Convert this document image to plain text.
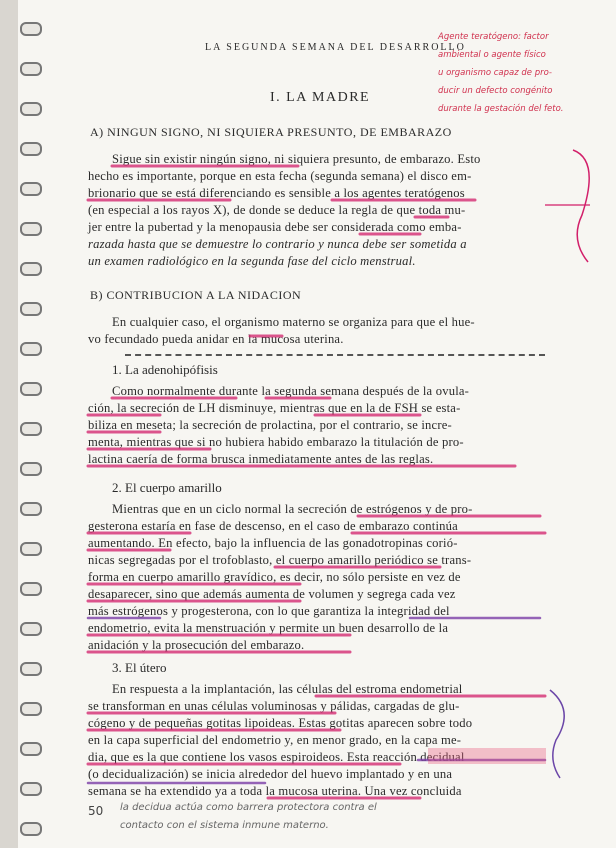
LA SEGUNDA SEMANA DEL DESARROLLO
I. LA MADRE
A) NINGUN SIGNO, NI SIQUIERA PRESUNTO, DE EMBARAZO
Sigue sin existir ningún signo, ni siquiera presunto, de embarazo. Esto
hecho es importante, porque en esta fecha (segunda semana) el disco em-
brionario que se está diferenciando es sensible a los agentes teratógenos
(en especial a los rayos X), de donde se deduce la regla de que toda mu-
jer entre la pubertad y la menopausia debe ser considerada como emba-
razada hasta que se demuestre lo contrario y nunca debe ser sometida a
un examen radiológico en la segunda fase del ciclo menstrual.
B) CONTRIBUCION A LA NIDACION
En cualquier caso, el organismo materno se organiza para que el hue-
vo fecundado pueda anidar en la mucosa uterina.
1. La adenohipófisis
Como normalmente durante la segunda semana después de la ovula-
ción, la secreción de LH disminuye, mientras que en la de FSH se esta-
biliza en meseta; la secreción de prolactina, por el contrario, se incre-
menta, mientras que si no hubiera habido embarazo la titulación de pro-
lactina caería de forma brusca inmediatamente antes de las reglas.
2. El cuerpo amarillo
Mientras que en un ciclo normal la secreción de estrógenos y de pro-
gesterona estaría en fase de descenso, en el caso de embarazo continúa
aumentando. En efecto, bajo la influencia de las gonadotropinas corió-
nicas segregadas por el trofoblasto, el cuerpo amarillo periódico se trans-
forma en cuerpo amarillo gravídico, es decir, no sólo persiste en vez de
desaparecer, sino que además aumenta de volumen y segrega cada vez
más estrógenos y progesterona, con lo que garantiza la integridad del
endometrio, evita la menstruación y permite un buen desarrollo de la
anidación y la prosecución del embarazo.
3. El útero
En respuesta a la implantación, las células del estroma endometrial
se transforman en unas células voluminosas y pálidas, cargadas de glu-
cógeno y de pequeñas gotitas lipoideas. Estas gotitas aparecen sobre todo
en la capa superficial del endometrio y, en menor grado, en la capa me-
dia, que es la que contiene los vasos espiroideos. Esta reacción decidual
(o decidualización) se inicia alrededor del huevo implantado y en una
semana se ha extendido ya a toda la mucosa uterina. Una vez concluida
50
Agente teratógeno: factor
ambiental o agente físico
u organismo capaz de pro-
ducir un defecto congénito
durante la gestación del feto.
la decidua actúa como barrera protectora contra el
contacto con el sistema inmune materno.
